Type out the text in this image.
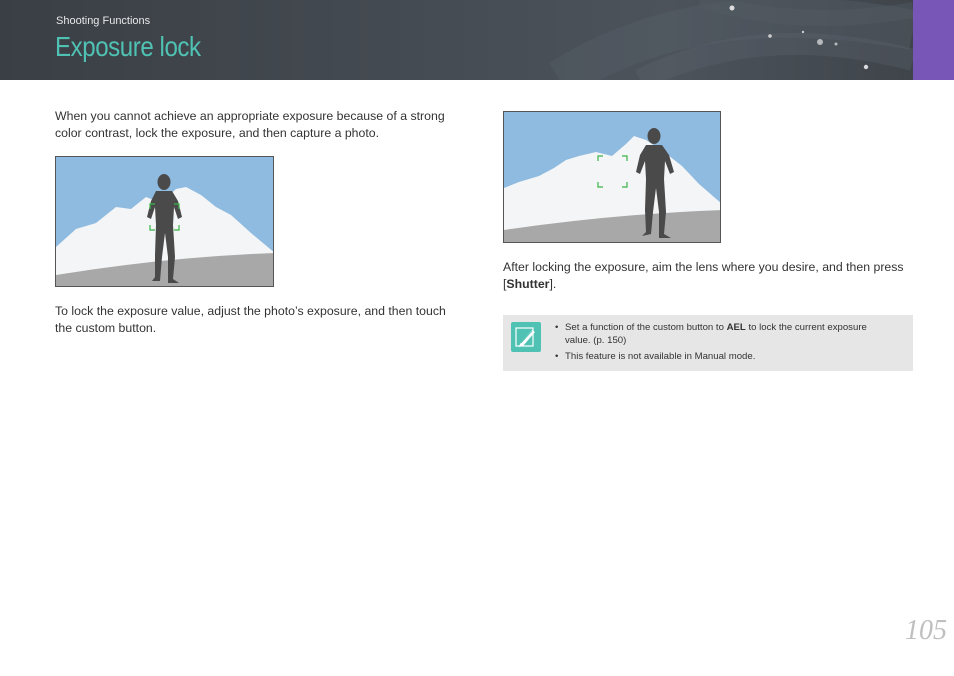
Shooting Functions
Exposure lock

When you cannot achieve an appropriate exposure because of a strong color contrast, lock the exposure, and then capture a photo.

To lock the exposure value, adjust the photo’s exposure, and then touch the custom button.

After locking the exposure, aim the lens where you desire, and then press [Shutter].

• Set a function of the custom button to AEL to lock the current exposure value. (p. 150)
• This feature is not available in Manual mode.
105
